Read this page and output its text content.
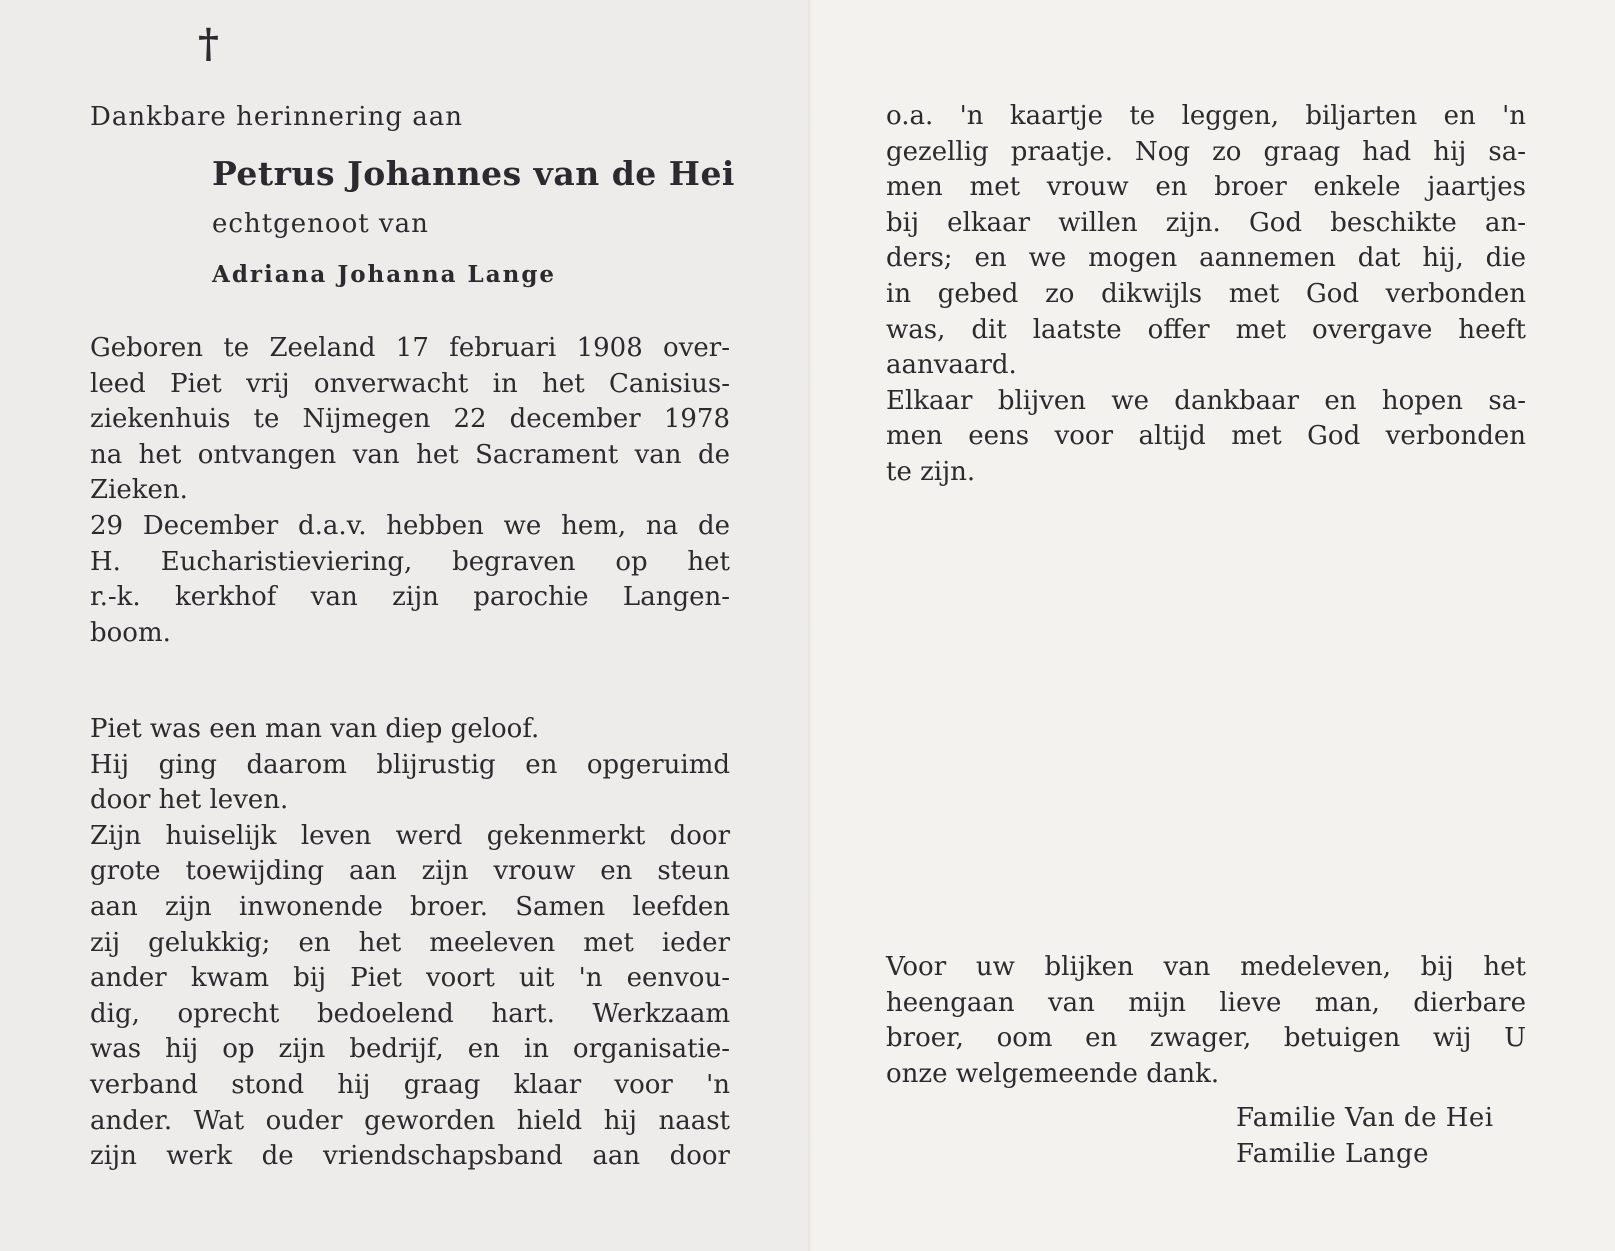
†
Dankbare herinnering aan
Petrus Johannes van de Hei
echtgenoot van
Adriana Johanna Lange

Geboren te Zeeland 17 februari 1908 over-

leed Piet vrij onverwacht in het Canisius-

ziekenhuis te Nijmegen 22 december 1978

na het ontvangen van het Sacrament van de

Zieken.

29 December d.a.v. hebben we hem, na de

H. Eucharistieviering, begraven op het

r.-k. kerkhof van zijn parochie Langen-

boom.

Piet was een man van diep geloof.

Hij ging daarom blijrustig en opgeruimd

door het leven.

Zijn huiselijk leven werd gekenmerkt door

grote toewijding aan zijn vrouw en steun

aan zijn inwonende broer. Samen leefden

zij gelukkig; en het meeleven met ieder

ander kwam bij Piet voort uit 'n eenvou-

dig, oprecht bedoelend hart. Werkzaam

was hij op zijn bedrijf, en in organisatie-

verband stond hij graag klaar voor 'n

ander. Wat ouder geworden hield hij naast

zijn werk de vriendschapsband aan door

o.a. 'n kaartje te leggen, biljarten en 'n

gezellig praatje. Nog zo graag had hij sa-

men met vrouw en broer enkele jaartjes

bij elkaar willen zijn. God beschikte an-

ders; en we mogen aannemen dat hij, die

in gebed zo dikwijls met God verbonden

was, dit laatste offer met overgave heeft

aanvaard.

Elkaar blijven we dankbaar en hopen sa-

men eens voor altijd met God verbonden

te zijn.

Voor uw blijken van medeleven, bij het

heengaan van mijn lieve man, dierbare

broer, oom en zwager, betuigen wij U

onze welgemeende dank.

Familie Van de Hei
Familie Lange
